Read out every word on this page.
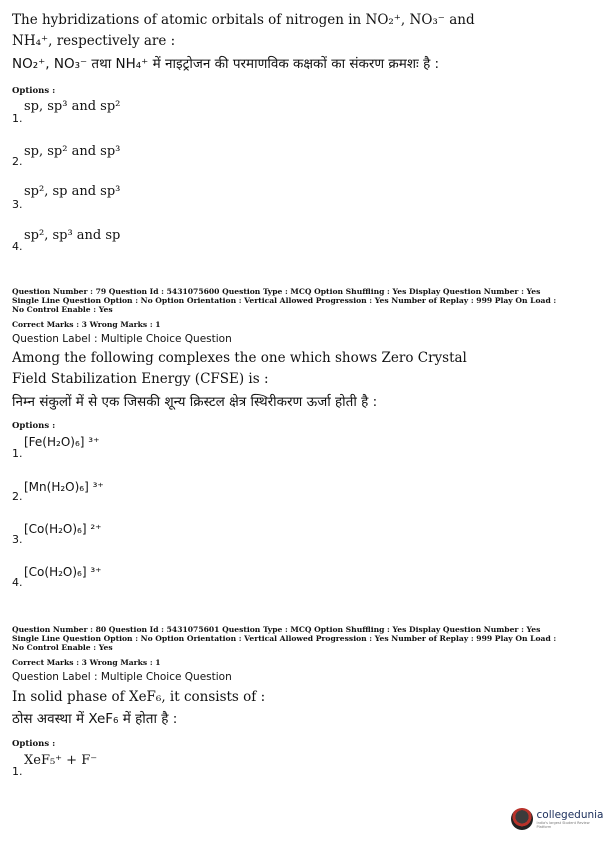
The hybridizations of atomic orbitals of nitrogen in NO₂⁺, NO₃⁻ and
NH₄⁺, respectively are :
NO₂⁺, NO₃⁻ तथा NH₄⁺ में नाइट्रोजन की परमाणविक कक्षकों का संकरण क्रमशः है :
Options :
sp, sp³ and sp²
1.
sp, sp² and sp³
2.
sp², sp and sp³
3.
sp², sp³ and sp
4.
Question Number : 79 Question Id : 5431075600 Question Type : MCQ Option Shuffling : Yes Display Question Number : Yes
Single Line Question Option : No Option Orientation : Vertical Allowed Progression : Yes Number of Replay : 999 Play On Load :
No Control Enable : Yes
Correct Marks : 3 Wrong Marks : 1
Question Label : Multiple Choice Question
Among the following complexes the one which shows Zero Crystal
Field Stabilization Energy (CFSE) is :
निम्न संकुलों में से एक जिसकी शून्य क्रिस्टल क्षेत्र स्थिरीकरण ऊर्जा होती है :
Options :
[Fe(H₂O)₆] ³⁺
1.
[Mn(H₂O)₆] ³⁺
2.
[Co(H₂O)₆] ²⁺
3.
[Co(H₂O)₆] ³⁺
4.
Question Number : 80 Question Id : 5431075601 Question Type : MCQ Option Shuffling : Yes Display Question Number : Yes
Single Line Question Option : No Option Orientation : Vertical Allowed Progression : Yes Number of Replay : 999 Play On Load :
No Control Enable : Yes
Correct Marks : 3 Wrong Marks : 1
Question Label : Multiple Choice Question
In solid phase of XeF₆, it consists of :
ठोस अवस्था में XeF₆ में होता है :
Options :
XeF₅⁺ + F⁻
1.
collegedunia
India's largest Student Review Platform
